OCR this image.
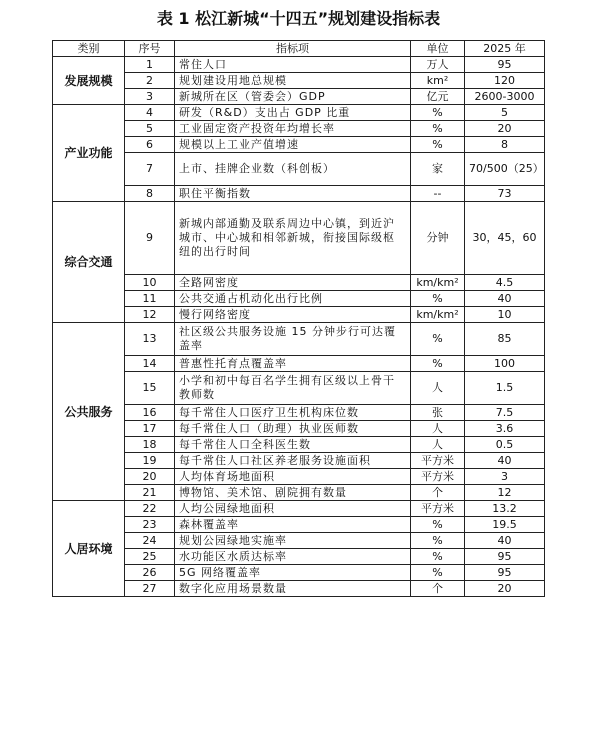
表 1 松江新城“十四五”规划建设指标表
类别	序号	指标项	单位	2025 年
发展规模	1	常住人口	万人	95
	2	规划建设用地总规模	km²	120
	3	新城所在区（管委会）GDP	亿元	2600-3000
产业功能	4	研发（R&D）支出占 GDP 比重	%	5
	5	工业固定资产投资年均增长率	%	20
	6	规模以上工业产值增速	%	8
	7	上市、挂牌企业数（科创板）	家	70/500（25）
	8	职住平衡指数	--	73
综合交通	9	新城内部通勤及联系周边中心镇，到近沪城市、中心城和相邻新城，衔接国际级枢纽的出行时间	分钟	30，45，60
	10	全路网密度	km/km²	4.5
	11	公共交通占机动化出行比例	%	40
	12	慢行网络密度	km/km²	10
公共服务	13	社区级公共服务设施 15 分钟步行可达覆盖率	%	85
	14	普惠性托育点覆盖率	%	100
	15	小学和初中每百名学生拥有区级以上骨干教师数	人	1.5
	16	每千常住人口医疗卫生机构床位数	张	7.5
	17	每千常住人口（助理）执业医师数	人	3.6
	18	每千常住人口全科医生数	人	0.5
	19	每千常住人口社区养老服务设施面积	平方米	40
	20	人均体育场地面积	平方米	3
	21	博物馆、美术馆、剧院拥有数量	个	12
人居环境	22	人均公园绿地面积	平方米	13.2
	23	森林覆盖率	%	19.5
	24	规划公园绿地实施率	%	40
	25	水功能区水质达标率	%	95
	26	5G 网络覆盖率	%	95
	27	数字化应用场景数量	个	20
